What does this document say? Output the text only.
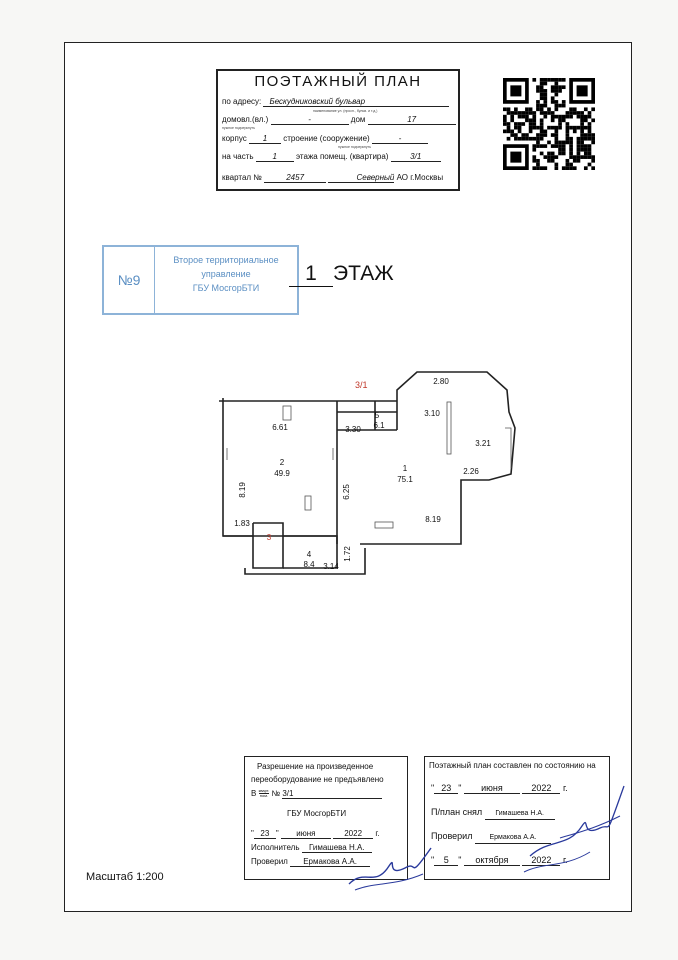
ПОЭТАЖНЫЙ ПЛАН
по адресу: Бескудниковский бульвар
наименование ул. (просп., бульв. и т.д.)
домовл.(вл.)	-	дом	17
нужное подчеркнуть
корпус 1 строение (сооружение)	-
нужное подчеркнуть
на часть 1 этажа помещ. (квартира)	3/1
квартал №	2457	Северный АО г.Москвы
№9
Второе территориальное
управление
ГБУ МосгорБТИ
1 ЭТАЖ
3/1
1
75.1
2
49.9
3
4
8.4
5
6.1
2.80
3.10
3.21
2.26
8.19
6.25
3.30
6.61
8.19
1.83
1.72
3.14
Разрешение на произведенное
переоборудование не предъявлено
В кварт.
пом. № 3/1
ГБУ МосгорБТИ
" 23 " июня	2022 г.
Исполнитель Гимашева Н.А.
Проверил Ермакова А.А.
Поэтажный план составлен по состоянию на
" 23 " июня	2022 г.
П/план снял Гимашева Н.А.
Проверил Ермакова А.А.
" 5 " октября	2022 г.
Масштаб 1:200
